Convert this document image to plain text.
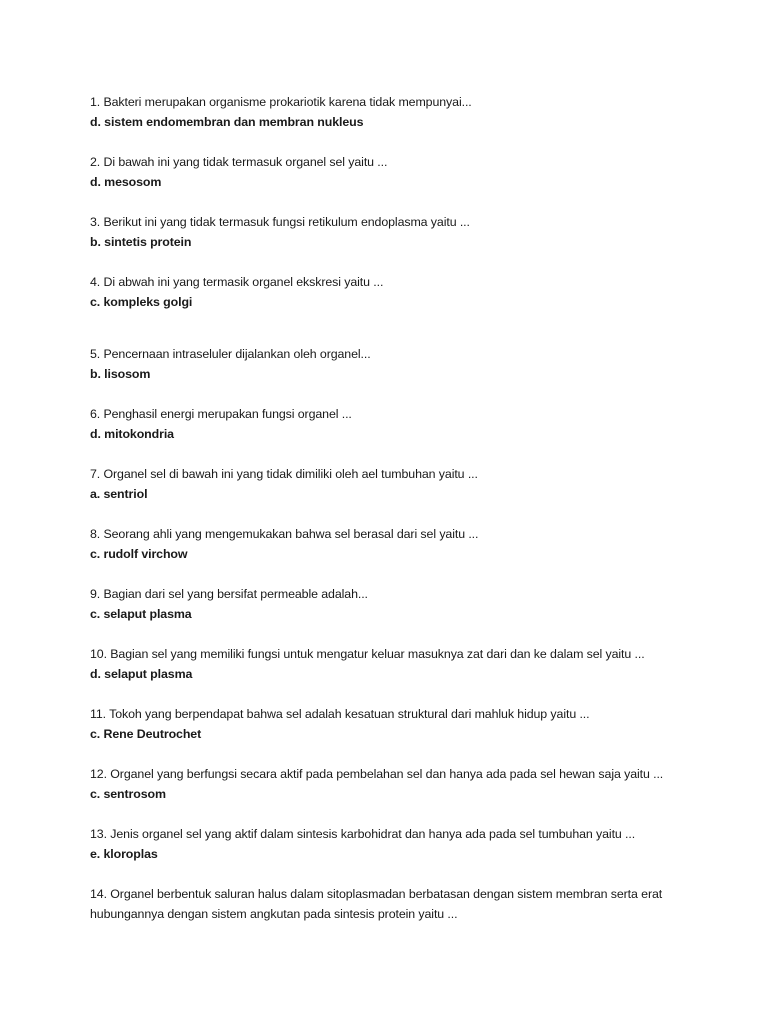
1. Bakteri merupakan organisme prokariotik karena tidak mempunyai...
d. sistem endomembran dan membran nukleus
2. Di bawah ini yang tidak termasuk organel sel yaitu ...
d. mesosom
3. Berikut ini yang tidak termasuk fungsi retikulum endoplasma yaitu ...
b. sintetis protein
4. Di abwah ini yang termasik organel ekskresi yaitu ...
c. kompleks golgi
5. Pencernaan intraseluler dijalankan oleh organel...
b. lisosom
6. Penghasil energi merupakan fungsi organel ...
d. mitokondria
7. Organel sel di bawah ini yang tidak dimiliki oleh ael tumbuhan yaitu ...
a. sentriol
8. Seorang ahli yang mengemukakan bahwa sel berasal dari sel yaitu ...
c. rudolf virchow
9. Bagian dari sel yang bersifat permeable adalah...
c. selaput plasma
10. Bagian sel yang memiliki fungsi untuk mengatur keluar masuknya zat dari dan ke dalam sel yaitu ...
d. selaput plasma
11. Tokoh yang berpendapat bahwa sel adalah kesatuan struktural dari mahluk hidup yaitu ...
c. Rene Deutrochet
12. Organel yang berfungsi secara aktif pada pembelahan sel dan hanya ada pada sel hewan saja yaitu ...
c. sentrosom
13. Jenis organel sel yang aktif dalam sintesis karbohidrat dan hanya ada pada sel tumbuhan yaitu ...
e. kloroplas
14. Organel berbentuk saluran halus dalam sitoplasmadan berbatasan dengan sistem membran serta erat hubungannya dengan sistem angkutan pada sintesis protein yaitu ...
